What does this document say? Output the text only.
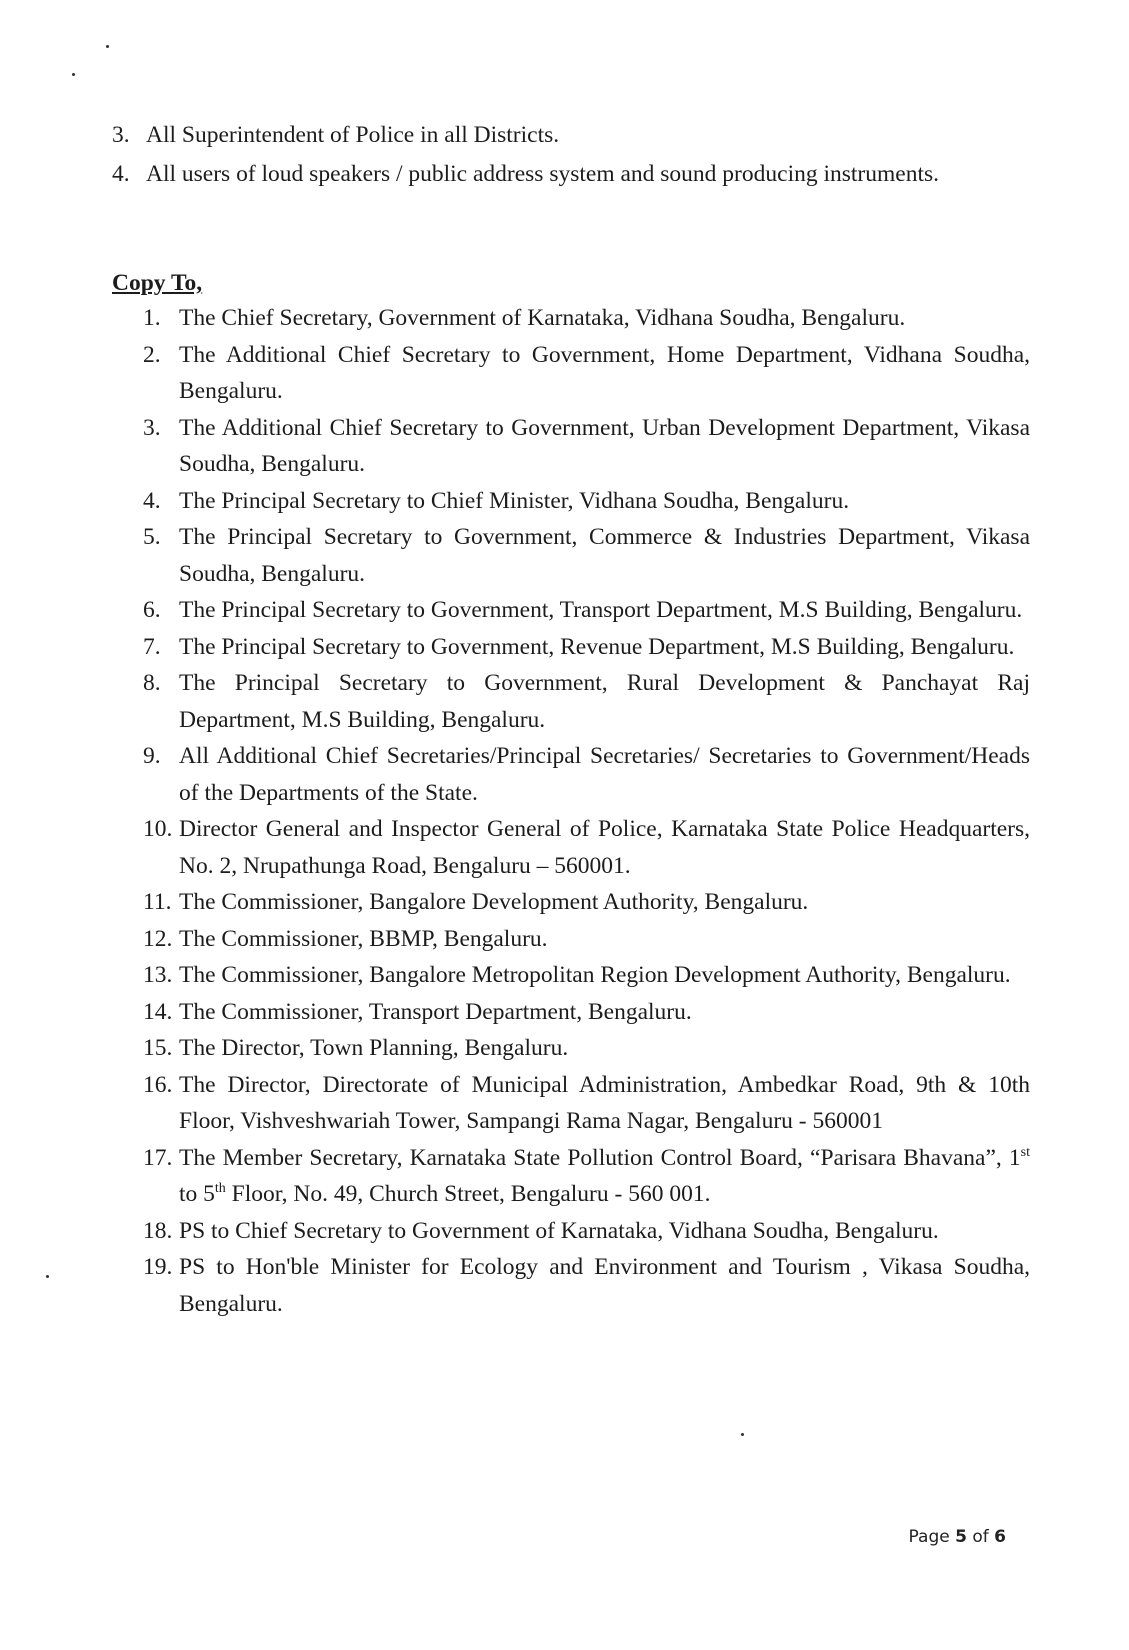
3. All Superintendent of Police in all Districts.
4. All users of loud speakers / public address system and sound producing instruments.
Copy To,
1. The Chief Secretary, Government of Karnataka, Vidhana Soudha, Bengaluru.
2. The Additional Chief Secretary to Government, Home Department, Vidhana Soudha, Bengaluru.
3. The Additional Chief Secretary to Government, Urban Development Department, Vikasa Soudha, Bengaluru.
4. The Principal Secretary to Chief Minister, Vidhana Soudha, Bengaluru.
5. The Principal Secretary to Government, Commerce & Industries Department, Vikasa Soudha, Bengaluru.
6. The Principal Secretary to Government, Transport Department, M.S Building, Bengaluru.
7. The Principal Secretary to Government, Revenue Department, M.S Building, Bengaluru.
8. The Principal Secretary to Government, Rural Development & Panchayat Raj Department, M.S Building, Bengaluru.
9. All Additional Chief Secretaries/Principal Secretaries/ Secretaries to Government/Heads of the Departments of the State.
10. Director General and Inspector General of Police, Karnataka State Police Headquarters, No. 2, Nrupathunga Road, Bengaluru – 560001.
11. The Commissioner, Bangalore Development Authority, Bengaluru.
12. The Commissioner, BBMP, Bengaluru.
13. The Commissioner, Bangalore Metropolitan Region Development Authority, Bengaluru.
14. The Commissioner, Transport Department, Bengaluru.
15. The Director, Town Planning, Bengaluru.
16. The Director, Directorate of Municipal Administration, Ambedkar Road, 9th & 10th Floor, Vishveshwariah Tower, Sampangi Rama Nagar, Bengaluru - 560001
17. The Member Secretary, Karnataka State Pollution Control Board, “Parisara Bhavana”, 1st to 5th Floor, No. 49, Church Street, Bengaluru - 560 001.
18. PS to Chief Secretary to Government of Karnataka, Vidhana Soudha, Bengaluru.
19. PS to Hon'ble Minister for Ecology and Environment and Tourism , Vikasa Soudha, Bengaluru.
Page 5 of 6
